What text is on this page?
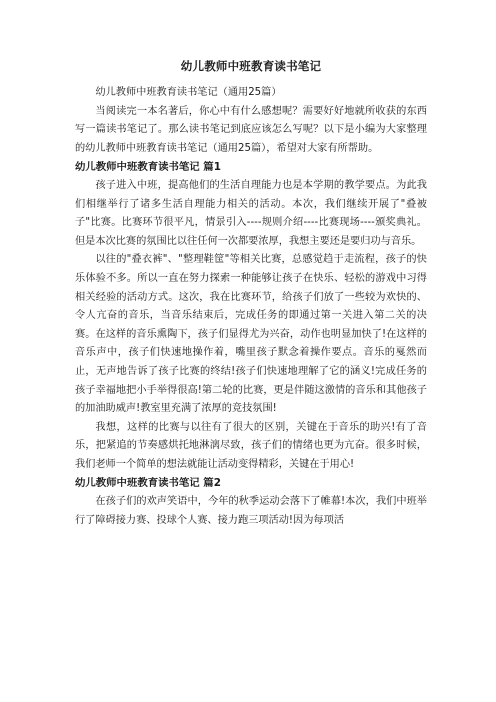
幼儿教师中班教育读书笔记

幼儿教师中班教育读书笔记（通用25篇）

当阅读完一本名著后，你心中有什么感想呢？需要好好地就所收获的东西写一篇读书笔记了。那么读书笔记到底应该怎么写呢？以下是小编为大家整理的幼儿教师中班教育读书笔记（通用25篇），希望对大家有所帮助。

幼儿教师中班教育读书笔记 篇1

孩子进入中班，提高他们的生活自理能力也是本学期的教学要点。为此我们相继举行了诸多生活自理能力相关的活动。本次，我们继续开展了"叠被子"比赛。比赛环节很平凡，情景引入----规则介绍----比赛现场----颁奖典礼。但是本次比赛的氛围比以往任何一次都要浓厚，我想主要还是要归功与音乐。

以往的"叠衣裤"、"整理鞋筐"等相关比赛，总感觉趋于走流程，孩子的快乐体验不多。所以一直在努力探索一种能够让孩子在快乐、轻松的游戏中习得相关经验的活动方式。这次，我在比赛环节，给孩子们放了一些较为欢快的、令人亢奋的音乐，当音乐结束后，完成任务的即通过第一关进入第二关的决赛。在这样的音乐熏陶下，孩子们显得尤为兴奋，动作也明显加快了!在这样的音乐声中，孩子们快速地操作着，嘴里孩子默念着操作要点。音乐的戛然而止，无声地告诉了孩子比赛的终结!孩子们快速地理解了它的涵义!完成任务的孩子幸福地把小手举得很高!第二轮的比赛，更是伴随这激情的音乐和其他孩子的加油助威声!教室里充满了浓厚的竞技氛围!

我想，这样的比赛与以往有了很大的区别，关键在于音乐的助兴!有了音乐，把紧追的节奏感烘托地淋漓尽致，孩子们的情绪也更为亢奋。很多时候，我们老师一个简单的想法就能让活动变得精彩，关键在于用心!

幼儿教师中班教育读书笔记 篇2

在孩子们的欢声笑语中，今年的秋季运动会落下了帷幕!本次，我们中班举行了障碍接力赛、投球个人赛、接力跑三项活动!因为每项活
